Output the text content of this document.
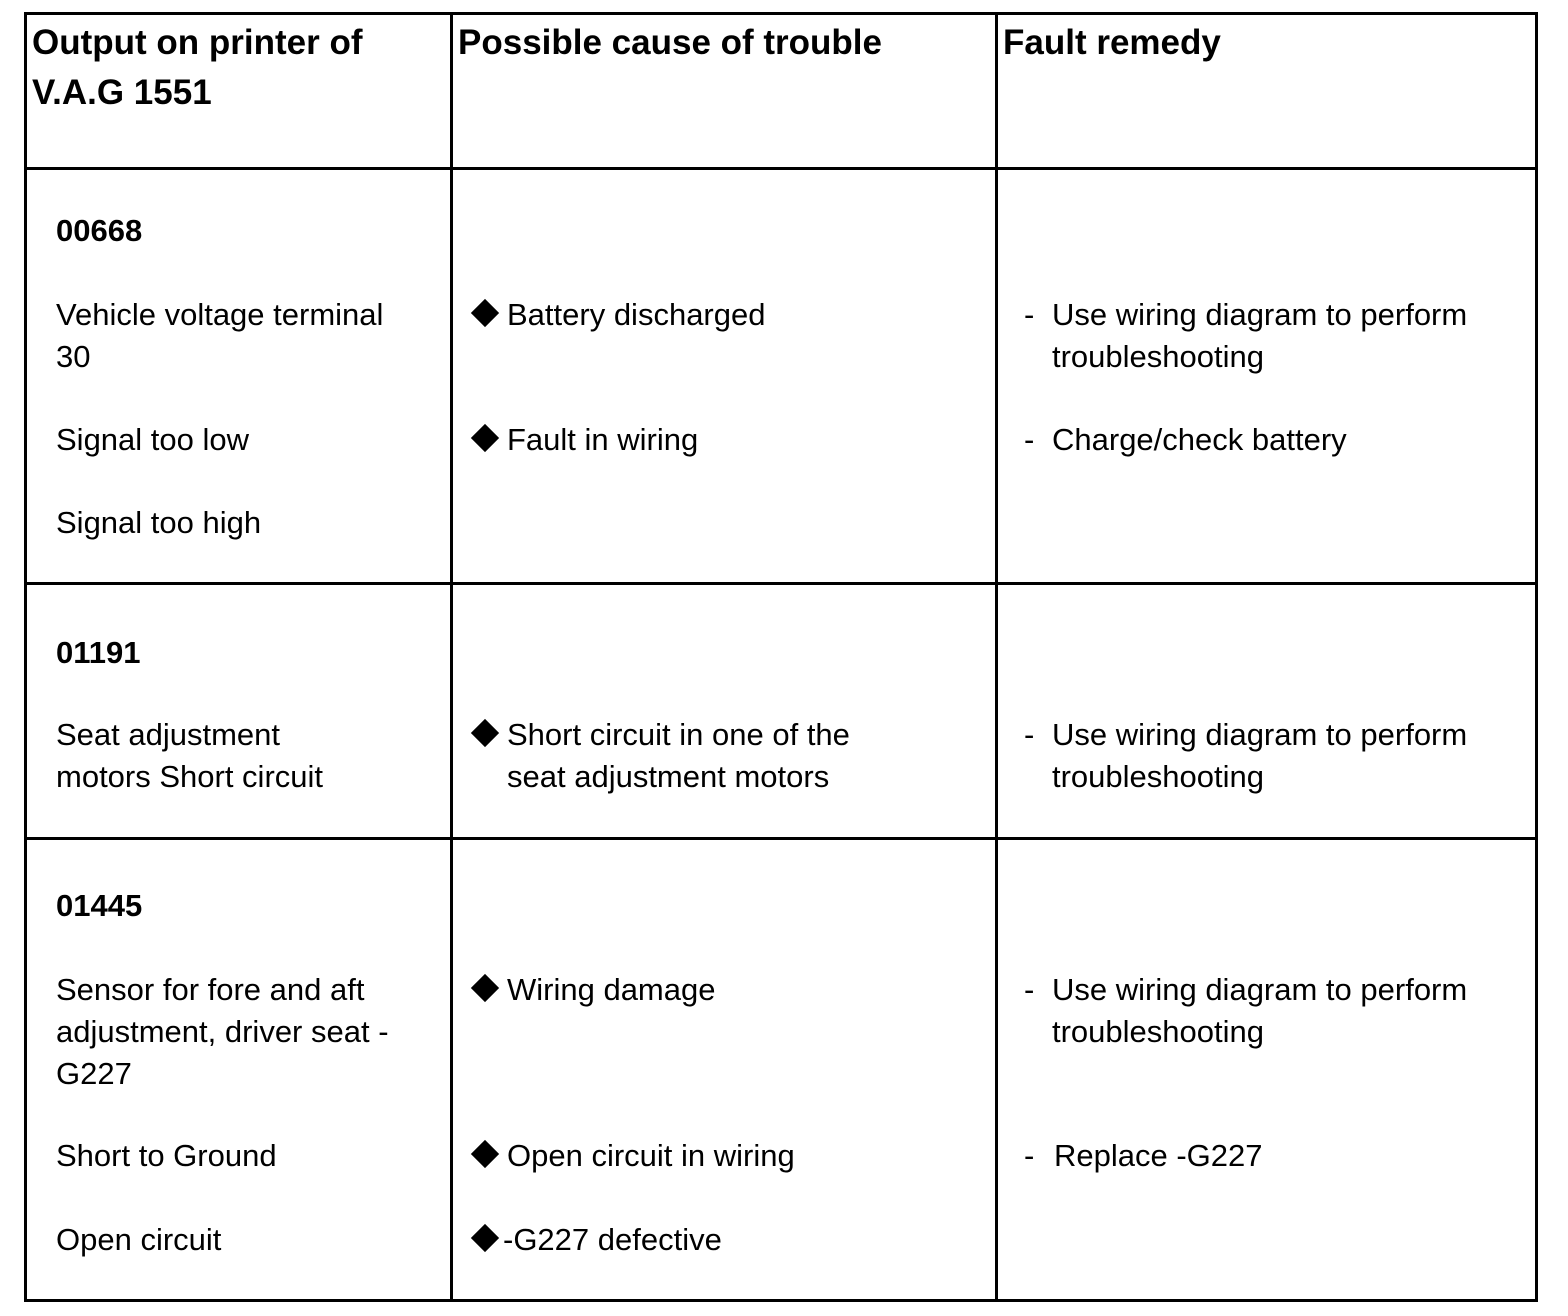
Output on printer of
V.A.G 1551
Possible cause of trouble	Fault remedy
00668
Vehicle voltage terminal
30
Signal too low
Signal too high
Battery discharged
Fault in wiring
- Use wiring diagram to perform
troubleshooting
- Charge/check battery
01191
Seat adjustment
motors Short circuit
Short circuit in one of the
seat adjustment motors
- Use wiring diagram to perform
troubleshooting
01445
Sensor for fore and aft
adjustment, driver seat -
G227
Short to Ground
Open circuit
Wiring damage
Open circuit in wiring
-G227 defective
- Use wiring diagram to perform
troubleshooting
- Replace -G227
